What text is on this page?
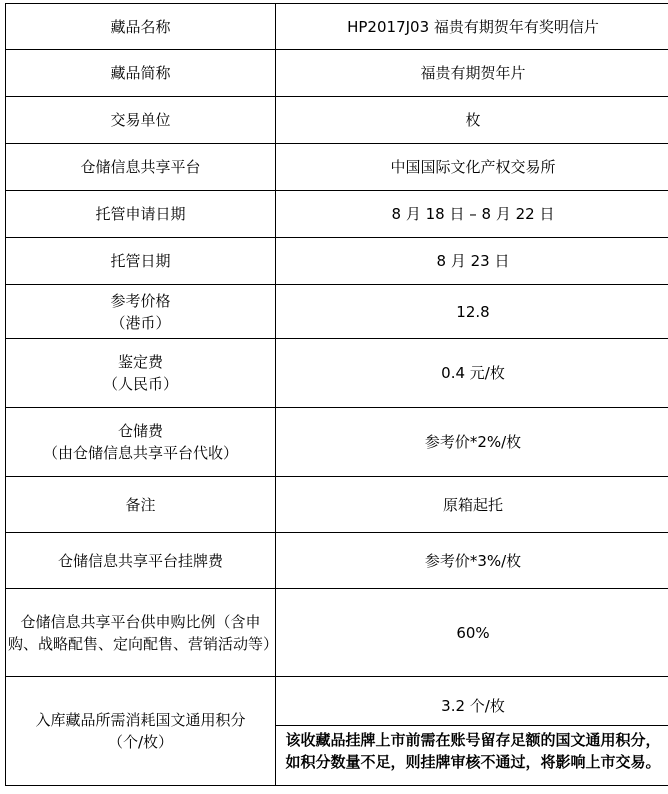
藏品名称	HP2017J03 福贵有期贺年有奖明信片
藏品简称	福贵有期贺年片
交易单位	枚
仓储信息共享平台	中国国际文化产权交易所
托管申请日期	8 月 18 日 – 8 月 22 日
托管日期	8 月 23 日

参考价格
（港币）	12.8

鉴定费
（人民币）	0.4 元/枚

仓储费
（由仓储信息共享平台代收）	参考价*2%/枚
备注	原箱起托
仓储信息共享平台挂牌费	参考价*3%/枚
仓储信息共享平台供申购比例（含申购、战略配售、定向配售、营销活动等）	60%

入库藏品所需消耗国文通用积分
（个/枚）	3.2 个/枚
该收藏品挂牌上市前需在账号留存足额的国文通用积分，如积分数量不足，则挂牌审核不通过，将影响上市交易。
